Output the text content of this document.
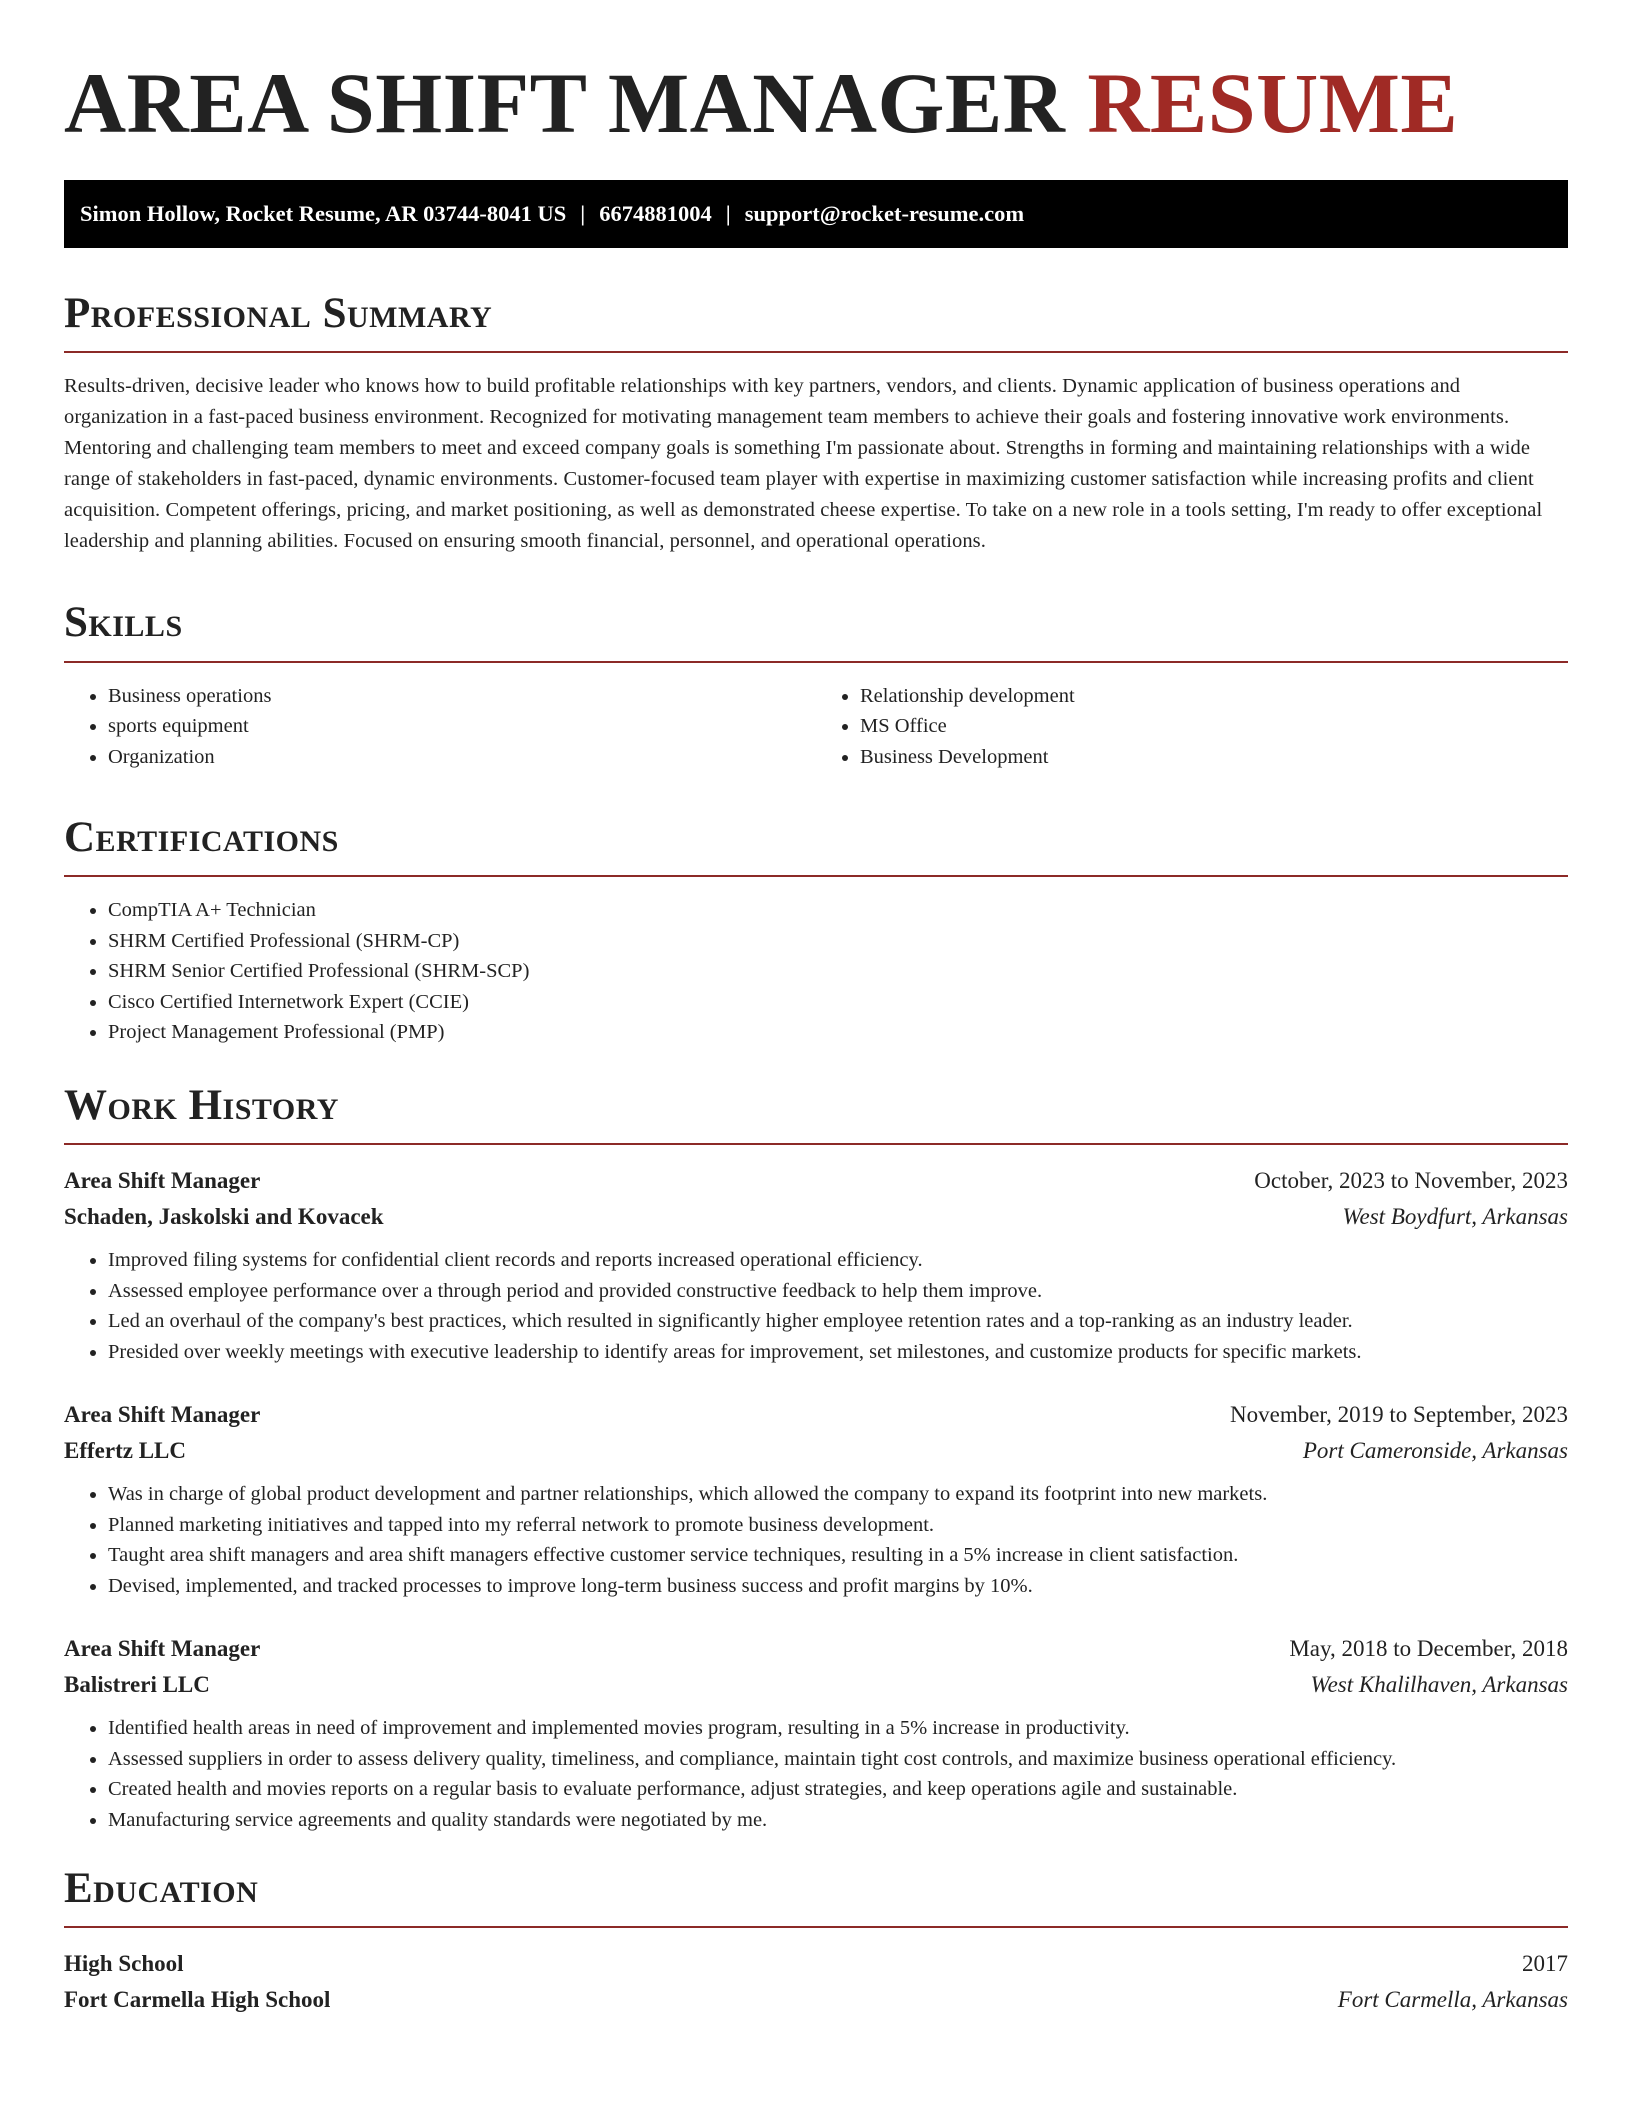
AREA SHIFT MANAGER RESUME
Simon Hollow, Rocket Resume, AR 03744-8041 US | 6674881004 | support@rocket-resume.com
Professional Summary

Results-driven, decisive leader who knows how to build profitable relationships with key partners, vendors, and clients. Dynamic application of business operations and organization in a fast-paced business environment. Recognized for motivating management team members to achieve their goals and fostering innovative work environments. Mentoring and challenging team members to meet and exceed company goals is something I'm passionate about. Strengths in forming and maintaining relationships with a wide range of stakeholders in fast-paced, dynamic environments. Customer-focused team player with expertise in maximizing customer satisfaction while increasing profits and client acquisition. Competent offerings, pricing, and market positioning, as well as demonstrated cheese expertise. To take on a new role in a tools setting, I'm ready to offer exceptional leadership and planning abilities. Focused on ensuring smooth financial, personnel, and operational operations.

Skills
• Business operations
• sports equipment
• Organization
• Relationship development
• MS Office
• Business Development
Certifications
• CompTIA A+ Technician
• SHRM Certified Professional (SHRM-CP)
• SHRM Senior Certified Professional (SHRM-SCP)
• Cisco Certified Internetwork Expert (CCIE)
• Project Management Professional (PMP)
Work History
Area Shift Manager	October, 2023 to November, 2023
Schaden, Jaskolski and Kovacek	West Boydfurt, Arkansas
• Improved filing systems for confidential client records and reports increased operational efficiency.
• Assessed employee performance over a through period and provided constructive feedback to help them improve.
• Led an overhaul of the company's best practices, which resulted in significantly higher employee retention rates and a top-ranking as an industry leader.
• Presided over weekly meetings with executive leadership to identify areas for improvement, set milestones, and customize products for specific markets.
Area Shift Manager	November, 2019 to September, 2023
Effertz LLC	Port Cameronside, Arkansas
• Was in charge of global product development and partner relationships, which allowed the company to expand its footprint into new markets.
• Planned marketing initiatives and tapped into my referral network to promote business development.
• Taught area shift managers and area shift managers effective customer service techniques, resulting in a 5% increase in client satisfaction.
• Devised, implemented, and tracked processes to improve long-term business success and profit margins by 10%.
Area Shift Manager	May, 2018 to December, 2018
Balistreri LLC	West Khalilhaven, Arkansas
• Identified health areas in need of improvement and implemented movies program, resulting in a 5% increase in productivity.
• Assessed suppliers in order to assess delivery quality, timeliness, and compliance, maintain tight cost controls, and maximize business operational efficiency.
• Created health and movies reports on a regular basis to evaluate performance, adjust strategies, and keep operations agile and sustainable.
• Manufacturing service agreements and quality standards were negotiated by me.
Education
High School	2017
Fort Carmella High School	Fort Carmella, Arkansas
